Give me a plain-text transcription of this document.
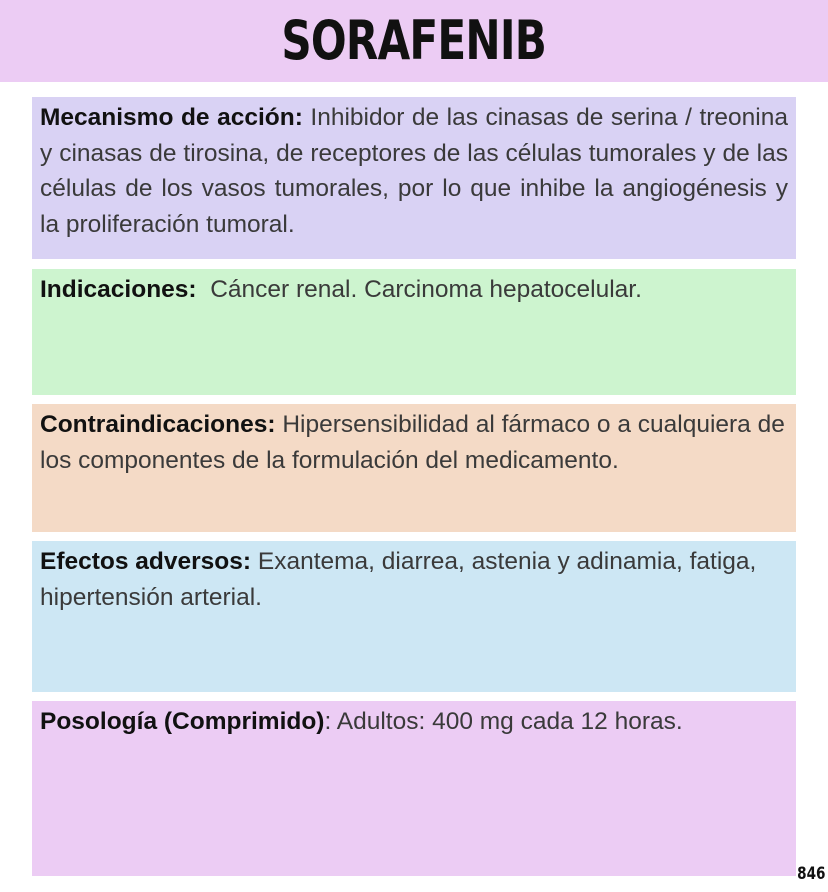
SORAFENIB
Mecanismo de acción: Inhibidor de las cinasas de serina / treonina y cinasas de tirosina, de receptores de las células tumorales y de las células de los vasos tumorales, por lo que inhibe la angiogénesis y la proliferación tumoral.
Indicaciones:  Cáncer renal. Carcinoma hepatocelular.
Contraindicaciones: Hipersensibilidad al fármaco o a cualquiera de los componentes de la formulación del medicamento.
Efectos adversos: Exantema, diarrea, astenia y adinamia, fatiga, hipertensión arterial.
Posología (Comprimido): Adultos: 400 mg cada 12 horas.
846
